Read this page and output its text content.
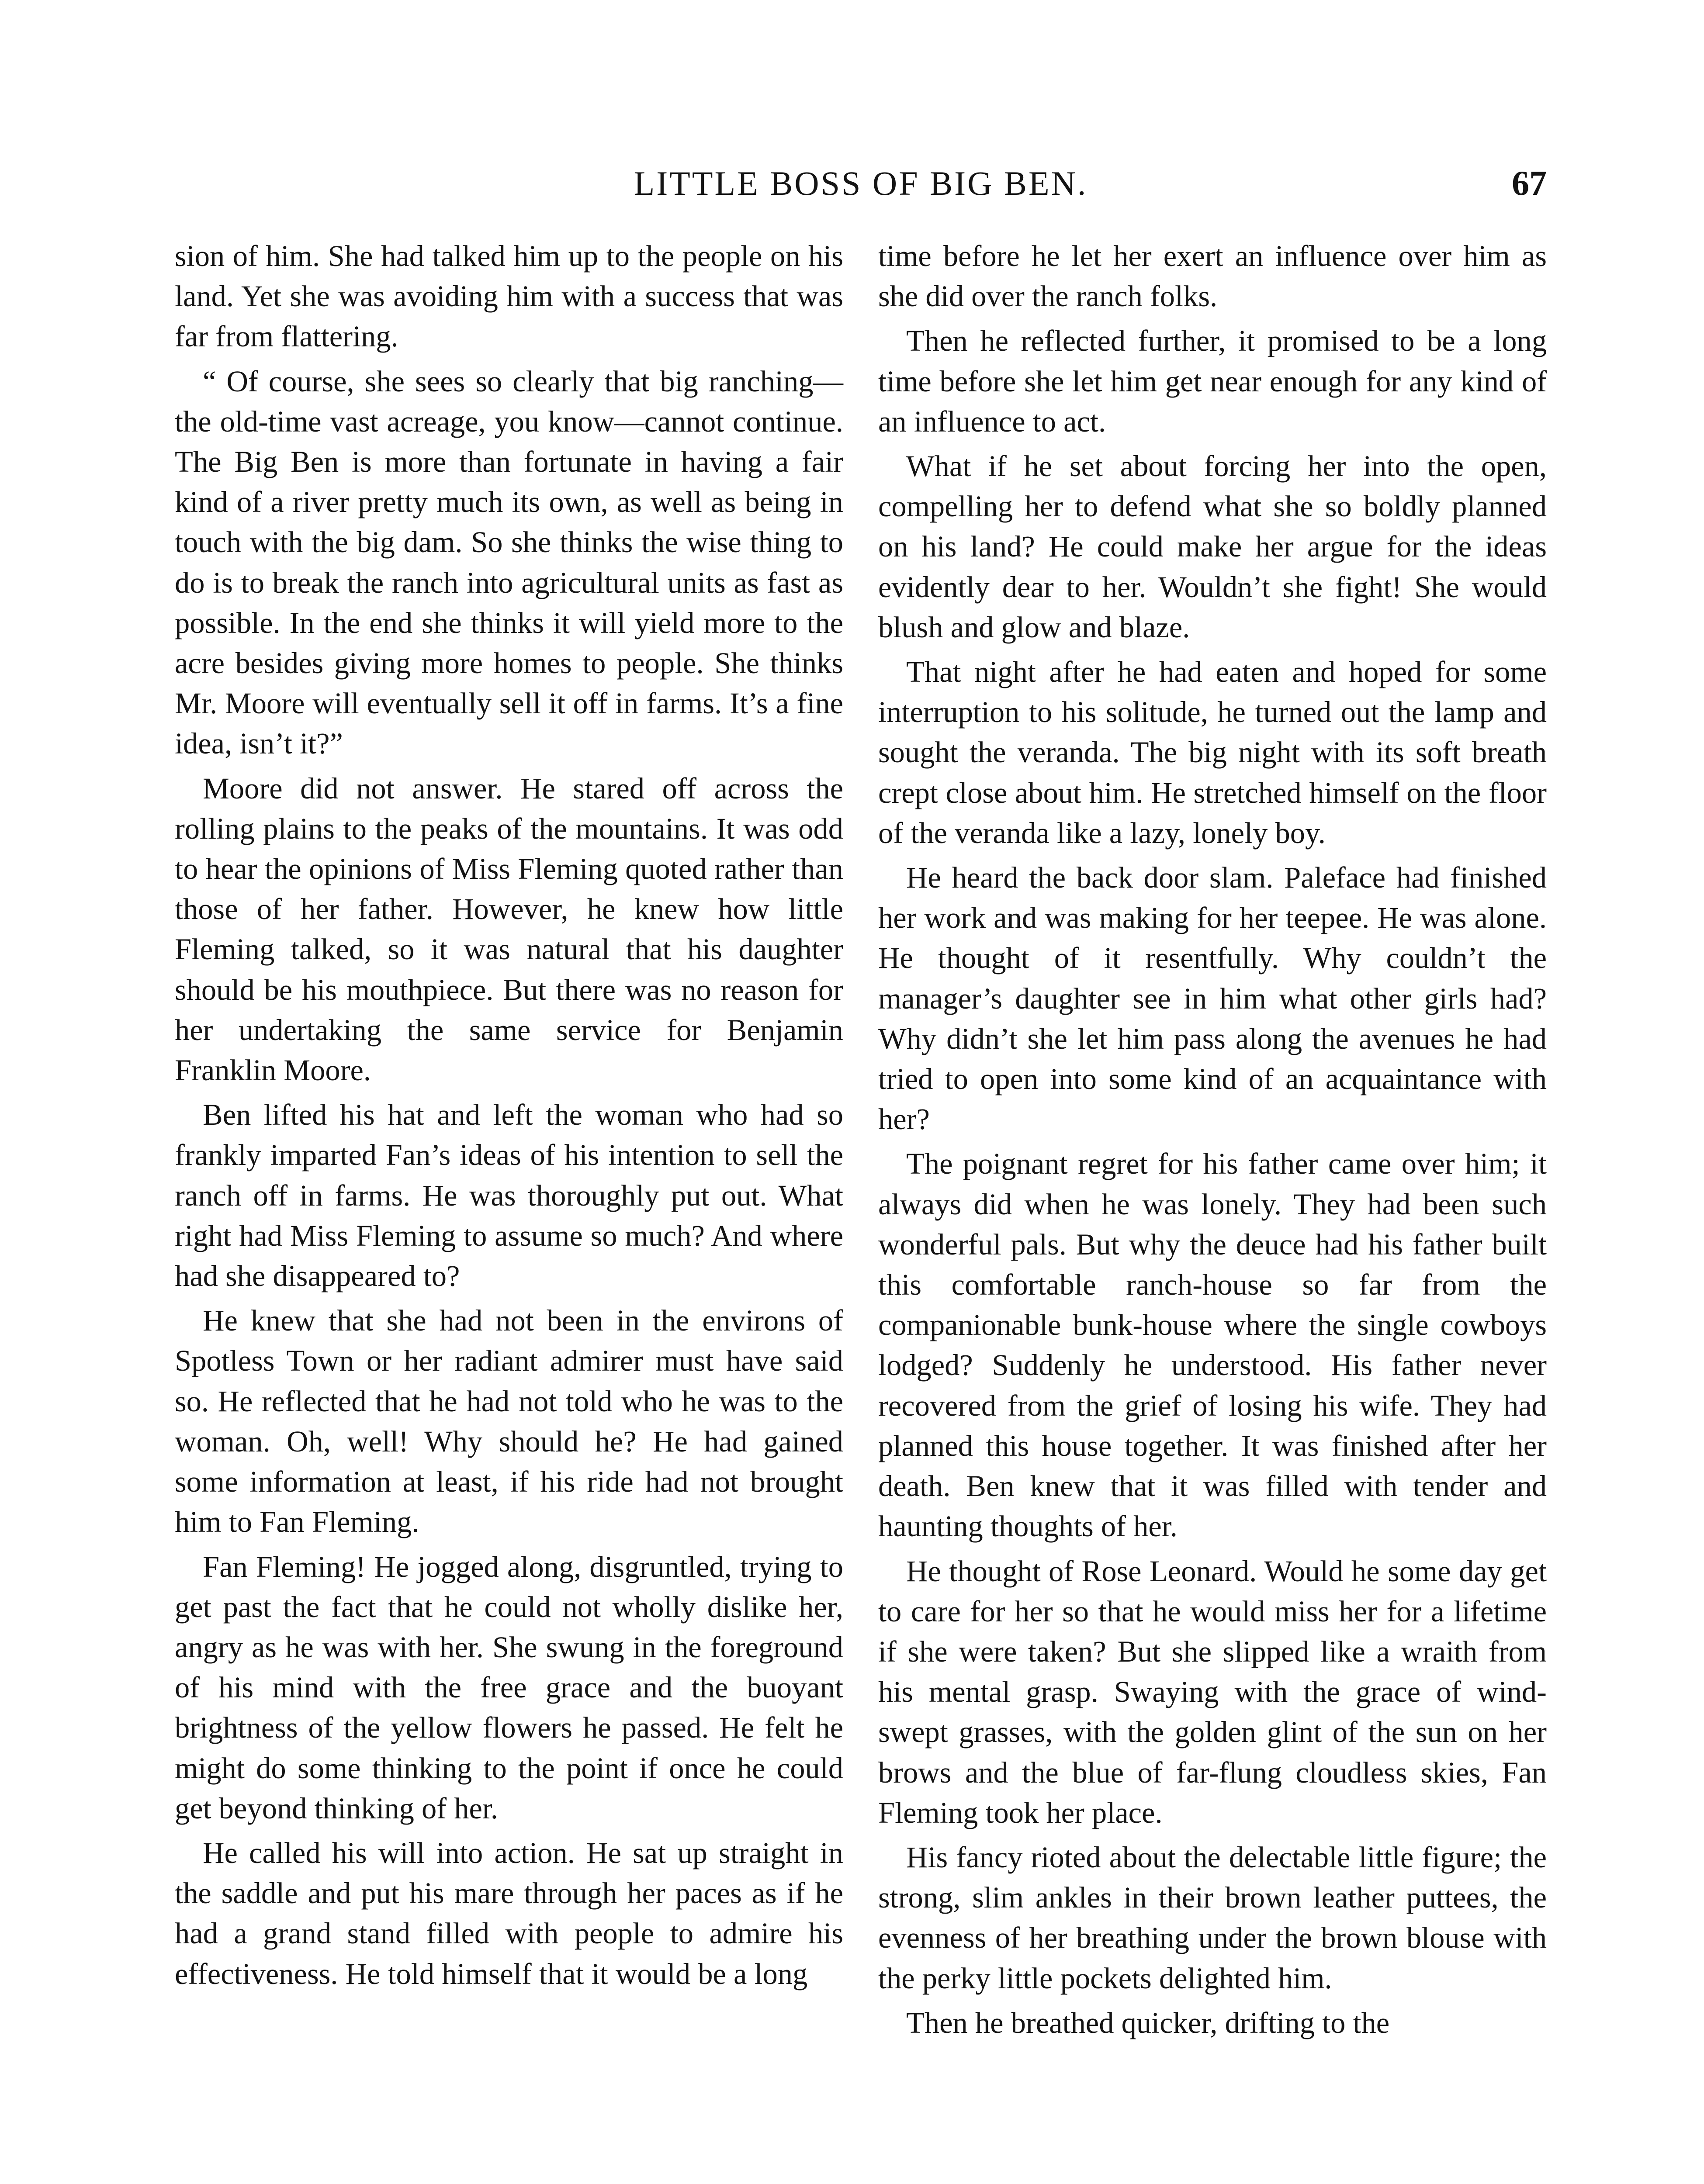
LITTLE BOSS OF BIG BEN.	67

sion of him. She had talked him up to the people on his land. Yet she was avoiding him with a success that was far from flattering.

“ Of course, she sees so clearly that big ranching—the old-time vast acreage, you know—cannot continue. The Big Ben is more than fortunate in having a fair kind of a river pretty much its own, as well as being in touch with the big dam. So she thinks the wise thing to do is to break the ranch into agricultural units as fast as possible. In the end she thinks it will yield more to the acre besides giving more homes to people. She thinks Mr. Moore will eventually sell it off in farms. It’s a fine idea, isn’t it?”

Moore did not answer. He stared off across the rolling plains to the peaks of the mountains. It was odd to hear the opinions of Miss Fleming quoted rather than those of her father. However, he knew how little Fleming talked, so it was natural that his daughter should be his mouthpiece. But there was no reason for her undertaking the same service for Benjamin Franklin Moore.

Ben lifted his hat and left the woman who had so frankly imparted Fan’s ideas of his intention to sell the ranch off in farms. He was thoroughly put out. What right had Miss Fleming to assume so much? And where had she disappeared to?

He knew that she had not been in the environs of Spotless Town or her radiant admirer must have said so. He reflected that he had not told who he was to the woman. Oh, well! Why should he? He had gained some information at least, if his ride had not brought him to Fan Fleming.

Fan Fleming! He jogged along, disgruntled, trying to get past the fact that he could not wholly dislike her, angry as he was with her. She swung in the foreground of his mind with the free grace and the buoyant brightness of the yellow flowers he passed. He felt he might do some thinking to the point if once he could get beyond thinking of her.

He called his will into action. He sat up straight in the saddle and put his mare through her paces as if he had a grand stand filled with people to admire his effectiveness. He told himself that it would be a long

time before he let her exert an influence over him as she did over the ranch folks.

Then he reflected further, it promised to be a long time before she let him get near enough for any kind of an influence to act.

What if he set about forcing her into the open, compelling her to defend what she so boldly planned on his land? He could make her argue for the ideas evidently dear to her. Wouldn’t she fight! She would blush and glow and blaze.

That night after he had eaten and hoped for some interruption to his solitude, he turned out the lamp and sought the veranda. The big night with its soft breath crept close about him. He stretched himself on the floor of the veranda like a lazy, lonely boy.

He heard the back door slam. Paleface had finished her work and was making for her teepee. He was alone. He thought of it resentfully. Why couldn’t the manager’s daughter see in him what other girls had? Why didn’t she let him pass along the avenues he had tried to open into some kind of an acquaintance with her?

The poignant regret for his father came over him; it always did when he was lonely. They had been such wonderful pals. But why the deuce had his father built this comfortable ranch-house so far from the companionable bunk-house where the single cowboys lodged? Suddenly he understood. His father never recovered from the grief of losing his wife. They had planned this house together. It was finished after her death. Ben knew that it was filled with tender and haunting thoughts of her.

He thought of Rose Leonard. Would he some day get to care for her so that he would miss her for a lifetime if she were taken? But she slipped like a wraith from his mental grasp. Swaying with the grace of wind-swept grasses, with the golden glint of the sun on her brows and the blue of far-flung cloudless skies, Fan Fleming took her place.

His fancy rioted about the delectable little figure; the strong, slim ankles in their brown leather puttees, the evenness of her breathing under the brown blouse with the perky little pockets delighted him.

Then he breathed quicker, drifting to the
